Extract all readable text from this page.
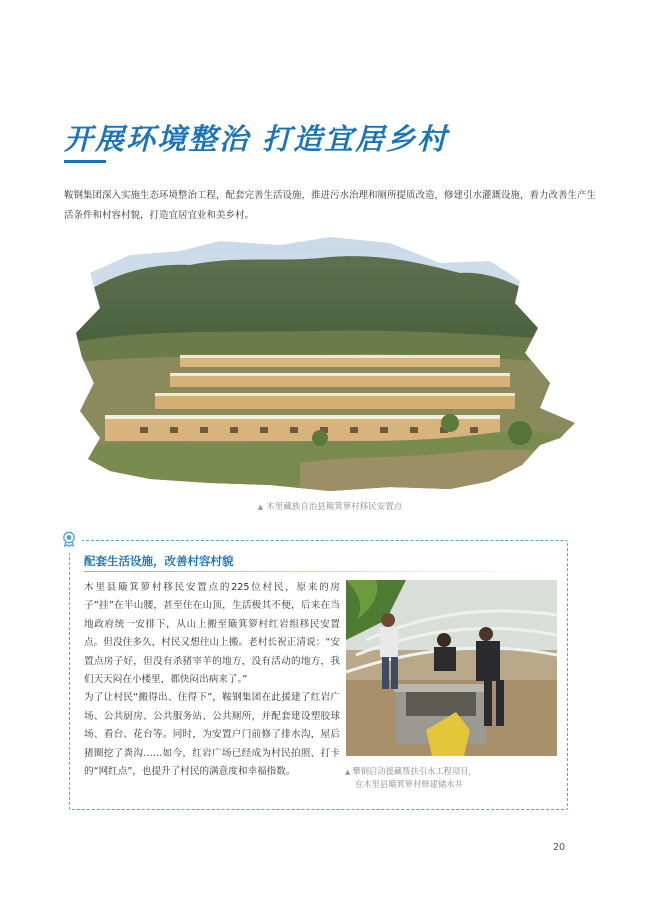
开展环境整治 打造宜居乡村
鞍钢集团深入实施生态环境整治工程，配套完善生活设施，推进污水治理和厕所提质改造，修建引水灌溉设施，着力改善生产生活条件和村容村貌，打造宜居宜业和美乡村。
▲ 木里藏族自治县簸箕箩村移民安置点
配套生活设施，改善村容村貌

木里县簸箕箩村移民安置点的225位村民，原来的房子“挂”在半山腰，甚至住在山顶，生活极其不便，后来在当地政府统一安排下，从山上搬至簸箕箩村红岩组移民安置点。但没住多久，村民又想往山上搬。老村长祝正清说：“安置点房子好，但没有杀猪宰羊的地方，没有活动的地方，我们天天闷在小楼里，都快闷出病来了。”

为了让村民“搬得出、住得下”，鞍钢集团在此援建了红岩广场、公共厨房、公共服务站、公共厕所，并配套建设塑胶球场、看台、花台等。同时，为安置户门前修了排水沟，屋后猪圈挖了粪沟……如今，红岩广场已经成为村民拍照、打卡的“网红点”，也提升了村民的满意度和幸福指数。	▲ 攀钢启动援藏帮扶引水工程项目，
在木里县簸箕箩村修建储水井
20
